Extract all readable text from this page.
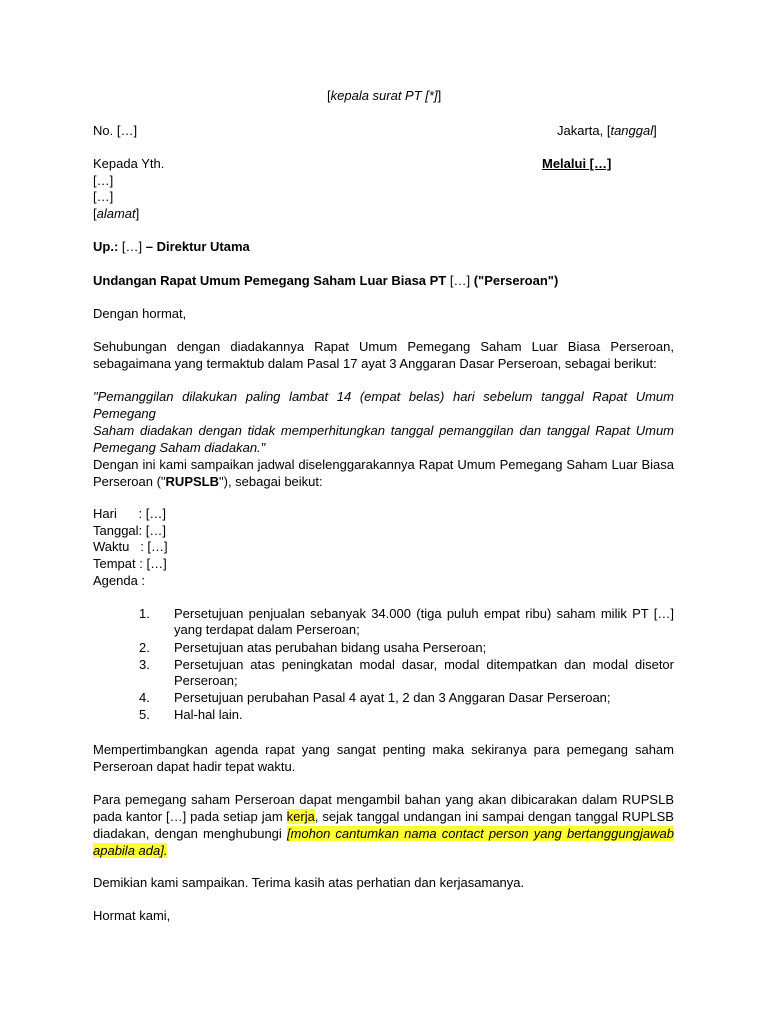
[kepala surat PT [*]]
No. […]	Jakarta, [tanggal]
Kepada Yth.	Melalui […]
[…]
[…]
[alamat]
Up.: […] – Direktur Utama
Undangan Rapat Umum Pemegang Saham Luar Biasa PT […] ("Perseroan")
Dengan hormat,
Sehubungan dengan diadakannya Rapat Umum Pemegang Saham Luar Biasa Perseroan,
sebagaimana yang termaktub dalam Pasal 17 ayat 3 Anggaran Dasar Perseroan, sebagai berikut:
"Pemanggilan dilakukan paling lambat 14 (empat belas) hari sebelum tanggal Rapat Umum Pemegang
Saham diadakan dengan tidak memperhitungkan tanggal pemanggilan dan tanggal Rapat Umum
Pemegang Saham diadakan."
Dengan ini kami sampaikan jadwal diselenggarakannya Rapat Umum Pemegang Saham Luar Biasa
Perseroan ("RUPSLB"), sebagai beikut:
Hari      : […]
Tanggal: […]
Waktu   : […]
Tempat : […]
Agenda :
1. Persetujuan penjualan sebanyak 34.000 (tiga puluh empat ribu) saham milik PT […]
yang terdapat dalam Perseroan;
2. Persetujuan atas perubahan bidang usaha Perseroan;
3. Persetujuan atas peningkatan modal dasar, modal ditempatkan dan modal disetor
Perseroan;
4. Persetujuan perubahan Pasal 4 ayat 1, 2 dan 3 Anggaran Dasar Perseroan;
5. Hal-hal lain.
Mempertimbangkan agenda rapat yang sangat penting maka sekiranya para pemegang saham
Perseroan dapat hadir tepat waktu.
Para pemegang saham Perseroan dapat mengambil bahan yang akan dibicarakan dalam RUPSLB
pada kantor […] pada setiap jam kerja, sejak tanggal undangan ini sampai dengan tanggal RUPLSB
diadakan, dengan menghubungi [mohon cantumkan nama contact person yang bertanggungjawab
apabila ada].
Demikian kami sampaikan. Terima kasih atas perhatian dan kerjasamanya.
Hormat kami,
